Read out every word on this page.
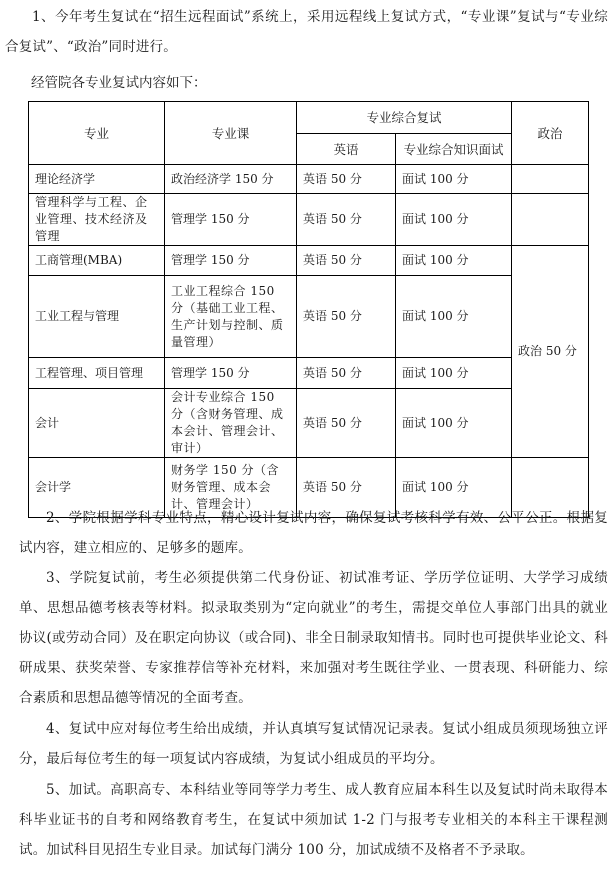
1、今年考生复试在“招生远程面试”系统上，采用远程线上复试方式，“专业课”复试与“专业综合复试”、“政治”同时进行。

经管院各专业复试内容如下：

专业	专业课	专业综合复试		政治
		英语	专业综合知识面试	
理论经济学	政治经济学 150 分	英语 50 分	面试 100 分	
管理科学与工程、企业管理、技术经济及管理	管理学 150 分	英语 50 分	面试 100 分	
工商管理(MBA)	管理学 150 分	英语 50 分	面试 100 分	政治 50 分
工业工程与管理	工业工程综合 150 分（基础工业工程、生产计划与控制、质量管理）	英语 50 分	面试 100 分	
工程管理、项目管理	管理学 150 分	英语 50 分	面试 100 分	
会计	会计专业综合 150 分（含财务管理、成本会计、管理会计、审计）	英语 50 分	面试 100 分	
会计学	财务学 150 分（含财务管理、成本会计、管理会计）	英语 50 分	面试 100 分	

2、学院根据学科专业特点，精心设计复试内容，确保复试考核科学有效、公平公正。根据复试内容，建立相应的、足够多的题库。

3、学院复试前，考生必须提供第二代身份证、初试准考证、学历学位证明、大学学习成绩单、思想品德考核表等材料。拟录取类别为“定向就业”的考生，需提交单位人事部门出具的就业协议(或劳动合同）及在职定向协议（或合同)、非全日制录取知情书。同时也可提供毕业论文、科研成果、获奖荣誉、专家推荐信等补充材料，来加强对考生既往学业、一贯表现、科研能力、综合素质和思想品德等情况的全面考查。

4、复试中应对每位考生给出成绩，并认真填写复试情况记录表。复试小组成员须现场独立评分，最后每位考生的每一项复试内容成绩，为复试小组成员的平均分。

5、加试。高职高专、本科结业等同等学力考生、成人教育应届本科生以及复试时尚未取得本科毕业证书的自考和网络教育考生，在复试中须加试 1-2 门与报考专业相关的本科主干课程测试。加试科目见招生专业目录。加试每门满分 100 分，加试成绩不及格者不予录取。
